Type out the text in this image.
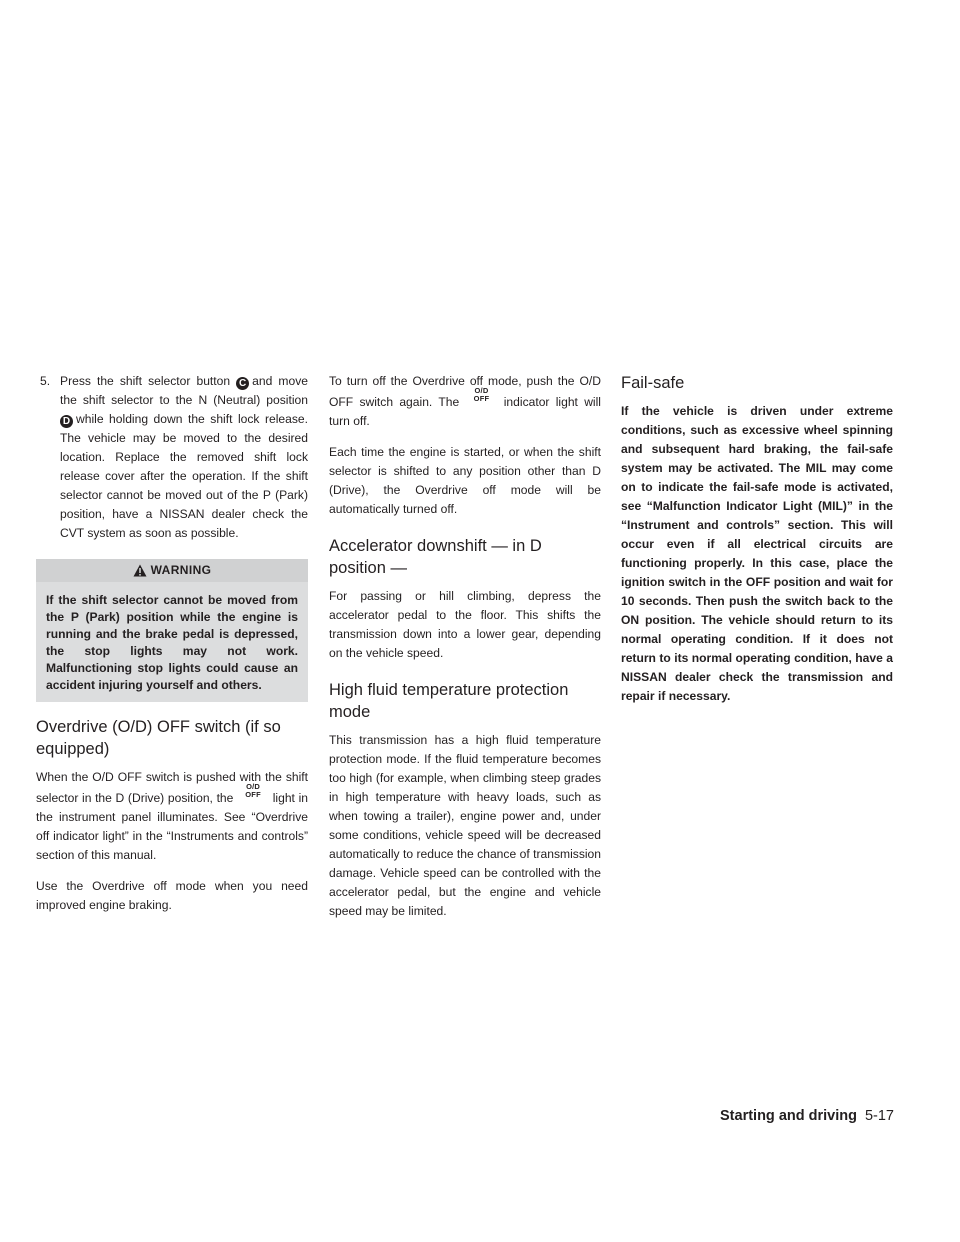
5. Press the shift selector button C and move the shift selector to the N (Neutral) position D while holding down the shift lock release. The vehicle may be moved to the desired location. Replace the removed shift lock release cover after the operation. If the shift selector cannot be moved out of the P (Park) position, have a NISSAN dealer check the CVT system as soon as possible.

WARNING
If the shift selector cannot be moved from the P (Park) position while the engine is running and the brake pedal is depressed, the stop lights may not work. Malfunctioning stop lights could cause an accident injuring yourself and others.
Overdrive (O/D) OFF switch (if so equipped)

When the O/D OFF switch is pushed with the shift selector in the D (Drive) position, the
O/D
OFF light in the instrument panel illuminates. See “Overdrive off indicator light” in the “Instruments and controls” section of this manual.

Use the Overdrive off mode when you need improved engine braking.

To turn off the Overdrive off mode, push the O/D OFF switch again. The
O/D
OFF	indicator light will turn off.

Each time the engine is started, or when the shift selector is shifted to any position other than D (Drive), the Overdrive off mode will be automatically turned off.

Accelerator downshift — in D position —

For passing or hill climbing, depress the accelerator pedal to the floor. This shifts the transmission down into a lower gear, depending on the vehicle speed.

High fluid temperature protection mode

This transmission has a high fluid temperature protection mode. If the fluid temperature becomes too high (for example, when climbing steep grades in high temperature with heavy loads, such as when towing a trailer), engine power and, under some conditions, vehicle speed will be decreased automatically to reduce the chance of transmission damage. Vehicle speed can be controlled with the accelerator pedal, but the engine and vehicle speed may be limited.

Fail-safe
If the vehicle is driven under extreme conditions, such as excessive wheel spinning and subsequent hard braking, the fail-safe system may be activated. The MIL may come on to indicate the fail-safe mode is activated, see “Malfunction Indicator Light (MIL)” in the “Instrument and controls” section. This will occur even if all electrical circuits are functioning properly. In this case, place the ignition switch in the OFF position and wait for 10 seconds. Then push the switch back to the ON position. The vehicle should return to its normal operating condition. If it does not return to its normal operating condition, have a NISSAN dealer check the transmission and repair if necessary.
Starting and driving 5-17
